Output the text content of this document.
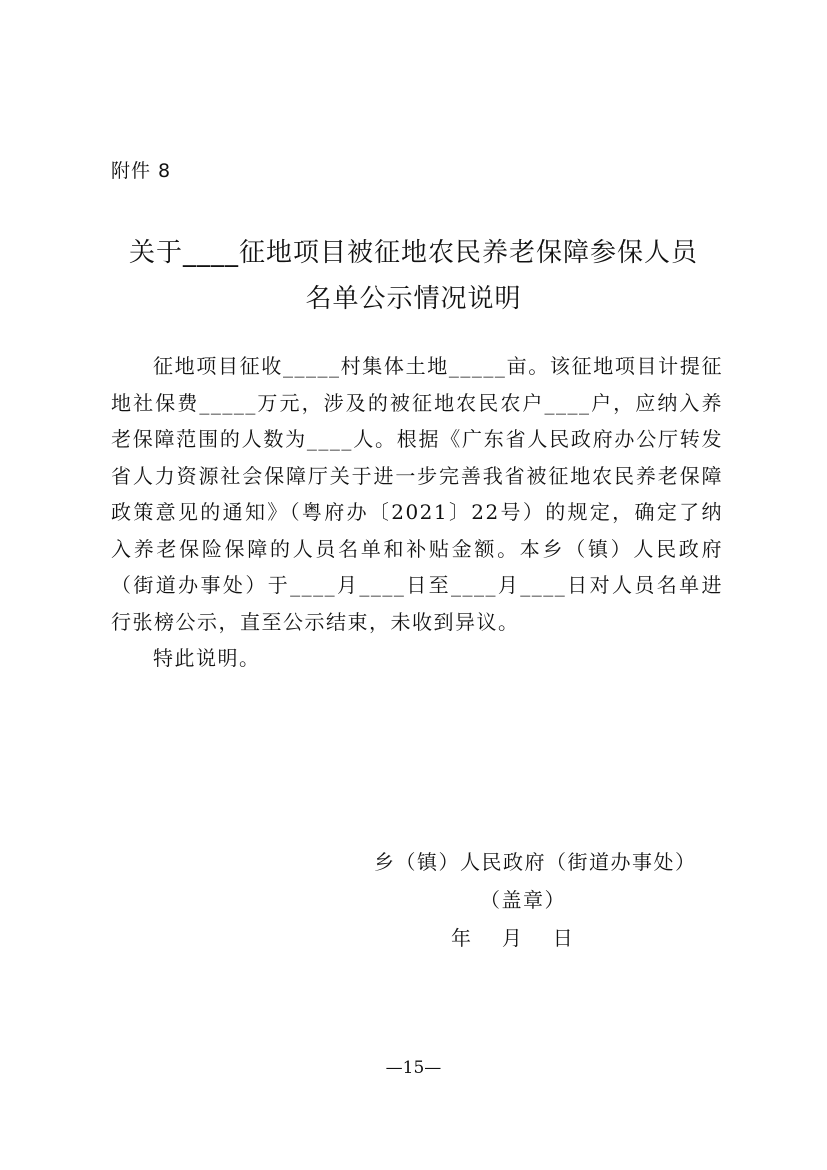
附件 8
关于____征地项目被征地农民养老保障参保人员
名单公示情况说明

征地项目征收_____村集体土地_____亩。该征地项目计提征地社保费_____万元，涉及的被征地农民农户____户，应纳入养老保障范围的人数为____人。根据《广东省人民政府办公厅转发省人力资源社会保障厅关于进一步完善我省被征地农民养老保障政策意见的通知》（粤府办〔2021〕22号）的规定，确定了纳入养老保险保障的人员名单和补贴金额。本乡（镇）人民政府（街道办事处）于____月____日至____月____日对人员名单进行张榜公示，直至公示结束，未收到异议。

特此说明。

乡（镇）人民政府（街道办事处）
（盖章）
年　 月　 日
—15—
